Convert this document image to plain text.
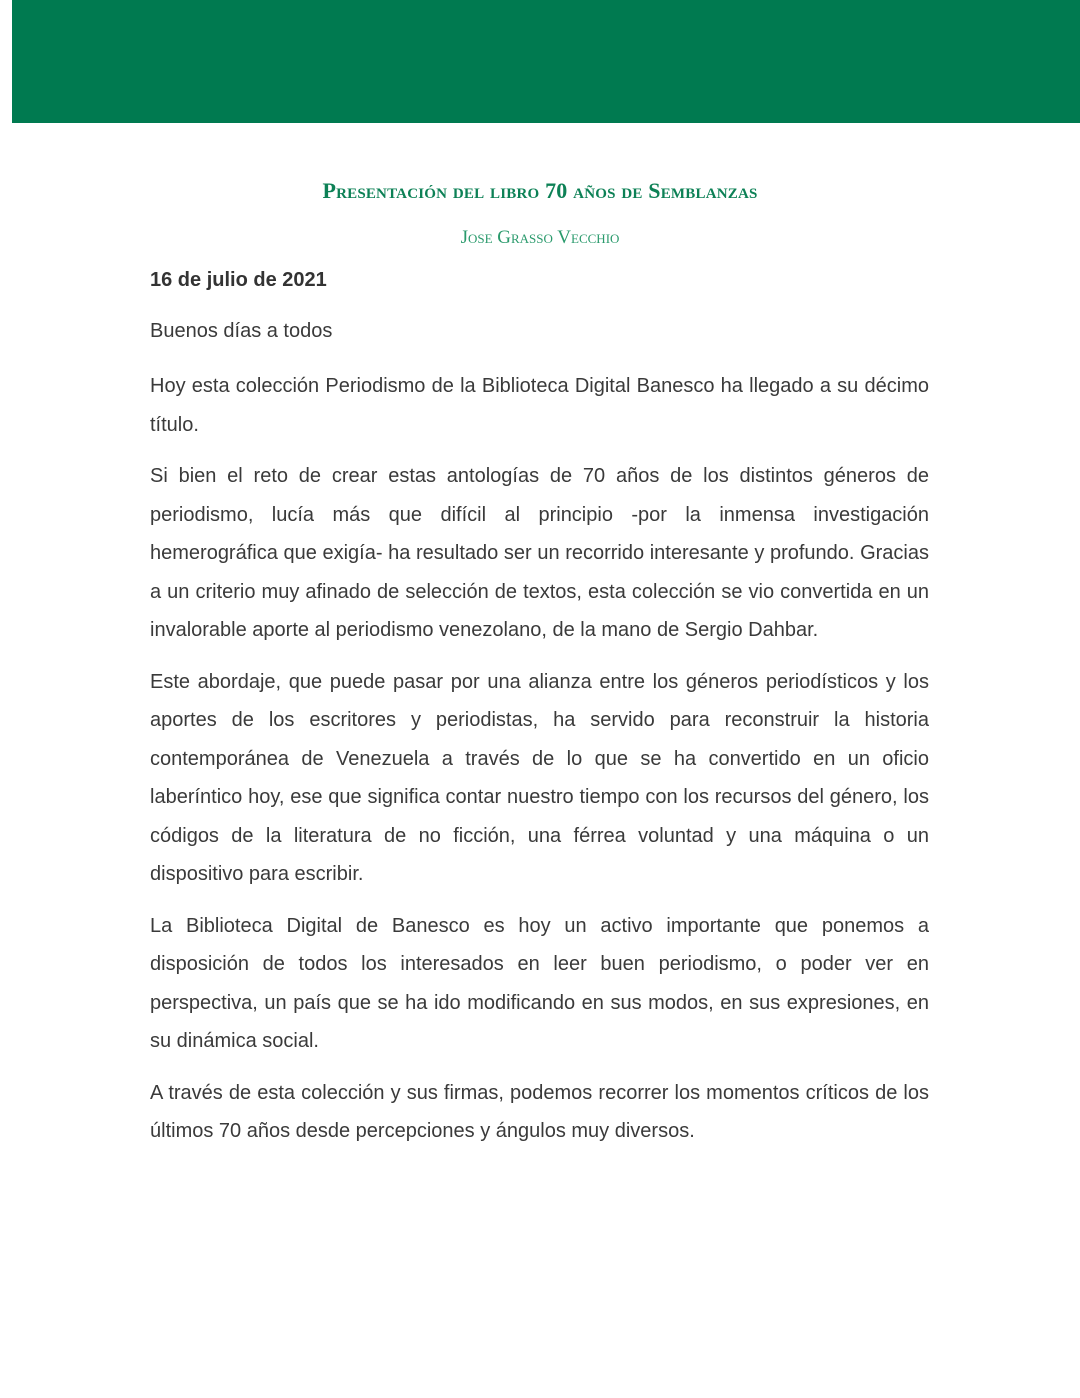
Presentación del libro 70 años de Semblanzas
Jose Grasso Vecchio
16 de julio de 2021

Buenos días a todos

Hoy esta colección Periodismo de la Biblioteca Digital Banesco ha llegado a su décimo título.

Si bien el reto de crear estas antologías de 70 años de los distintos géneros de periodismo, lucía más que difícil al principio -por la inmensa investigación hemerográfica que exigía- ha resultado ser un recorrido interesante y profundo. Gracias a un criterio muy afinado de selección de textos, esta colección se vio convertida en un invalorable aporte al periodismo venezolano, de la mano de Sergio Dahbar.

Este abordaje, que puede pasar por una alianza entre los géneros periodísticos y los aportes de los escritores y periodistas, ha servido para reconstruir la historia contemporánea de Venezuela a través de lo que se ha convertido en un oficio laberíntico hoy, ese que significa contar nuestro tiempo con los recursos del género, los códigos de la literatura de no ficción, una férrea voluntad y una máquina o un dispositivo para escribir.

La Biblioteca Digital de Banesco es hoy un activo importante que ponemos a disposición de todos los interesados en leer buen periodismo, o poder ver en perspectiva, un país que se ha ido modificando en sus modos, en sus expresiones, en su dinámica social.

A través de esta colección y sus firmas, podemos recorrer los momentos críticos de los últimos 70 años desde percepciones y ángulos muy diversos.
